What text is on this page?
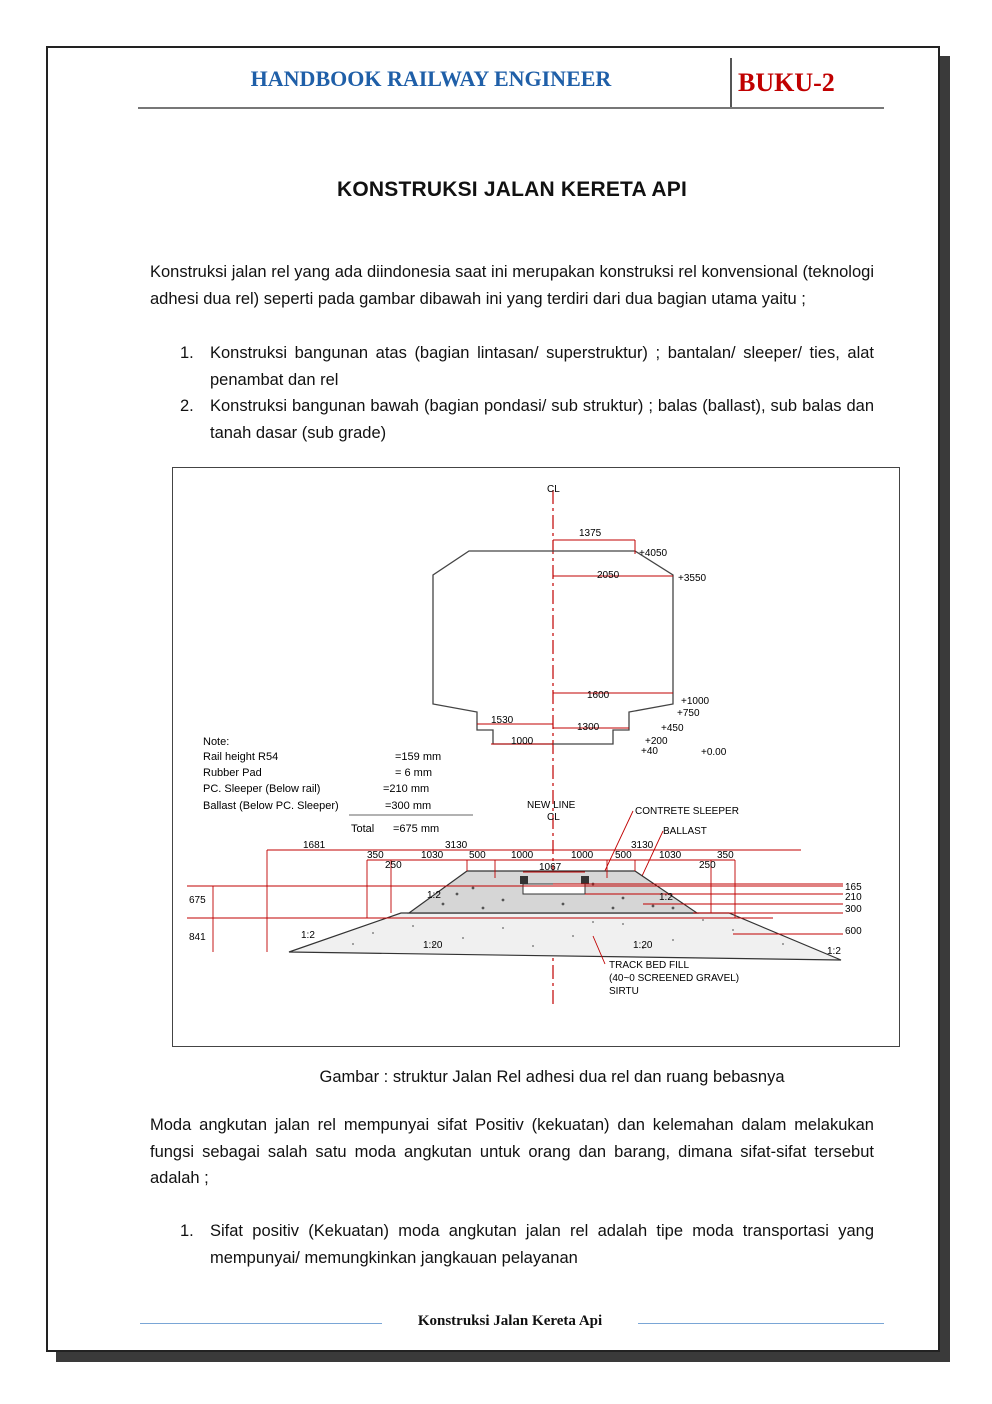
HANDBOOK RAILWAY ENGINEER	BUKU-2
KONSTRUKSI JALAN KERETA API
Konstruksi jalan rel yang ada diindonesia saat ini merupakan konstruksi rel konvensional (teknologi adhesi dua rel) seperti pada gambar dibawah ini yang terdiri dari dua bagian utama yaitu ;
1. Konstruksi bangunan atas (bagian lintasan/ superstruktur) ; bantalan/ sleeper/ ties, alat penambat dan rel
2. Konstruksi bangunan bawah (bagian pondasi/ sub struktur) ; balas (ballast), sub balas dan tanah dasar (sub grade)
CL
CL
1375
+4050
2050	+3550
1600
+1000
+750
1530
1300	+450
+200
1000
+40	+0.00
Note:
Rail height R54	=159 mm
Rubber Pad	= 6 mm
PC. Sleeper (Below rail)	=210 mm
Ballast (Below PC. Sleeper)	=300 mm
Total =675 mm
NEW LINE
CONTRETE SLEEPER
BALLAST
1681	3130	3130
350	1030	500	1000	1000 500	1030	350
250	250
1067
675
841
165
210
300
600
1:2	1:2
1:2
1:2
1:20	1:20
TRACK BED FILL
(40~0 SCREENED GRAVEL)
SIRTU
Gambar : struktur Jalan Rel adhesi dua rel dan ruang bebasnya
Moda angkutan jalan rel mempunyai sifat Positiv (kekuatan) dan kelemahan dalam melakukan fungsi sebagai salah satu moda angkutan untuk orang dan barang, dimana sifat-sifat tersebut adalah ;
1. Sifat positiv (Kekuatan) moda angkutan jalan rel adalah tipe moda transportasi yang mempunyai/ memungkinkan jangkauan pelayanan
Konstruksi Jalan Kereta Api
